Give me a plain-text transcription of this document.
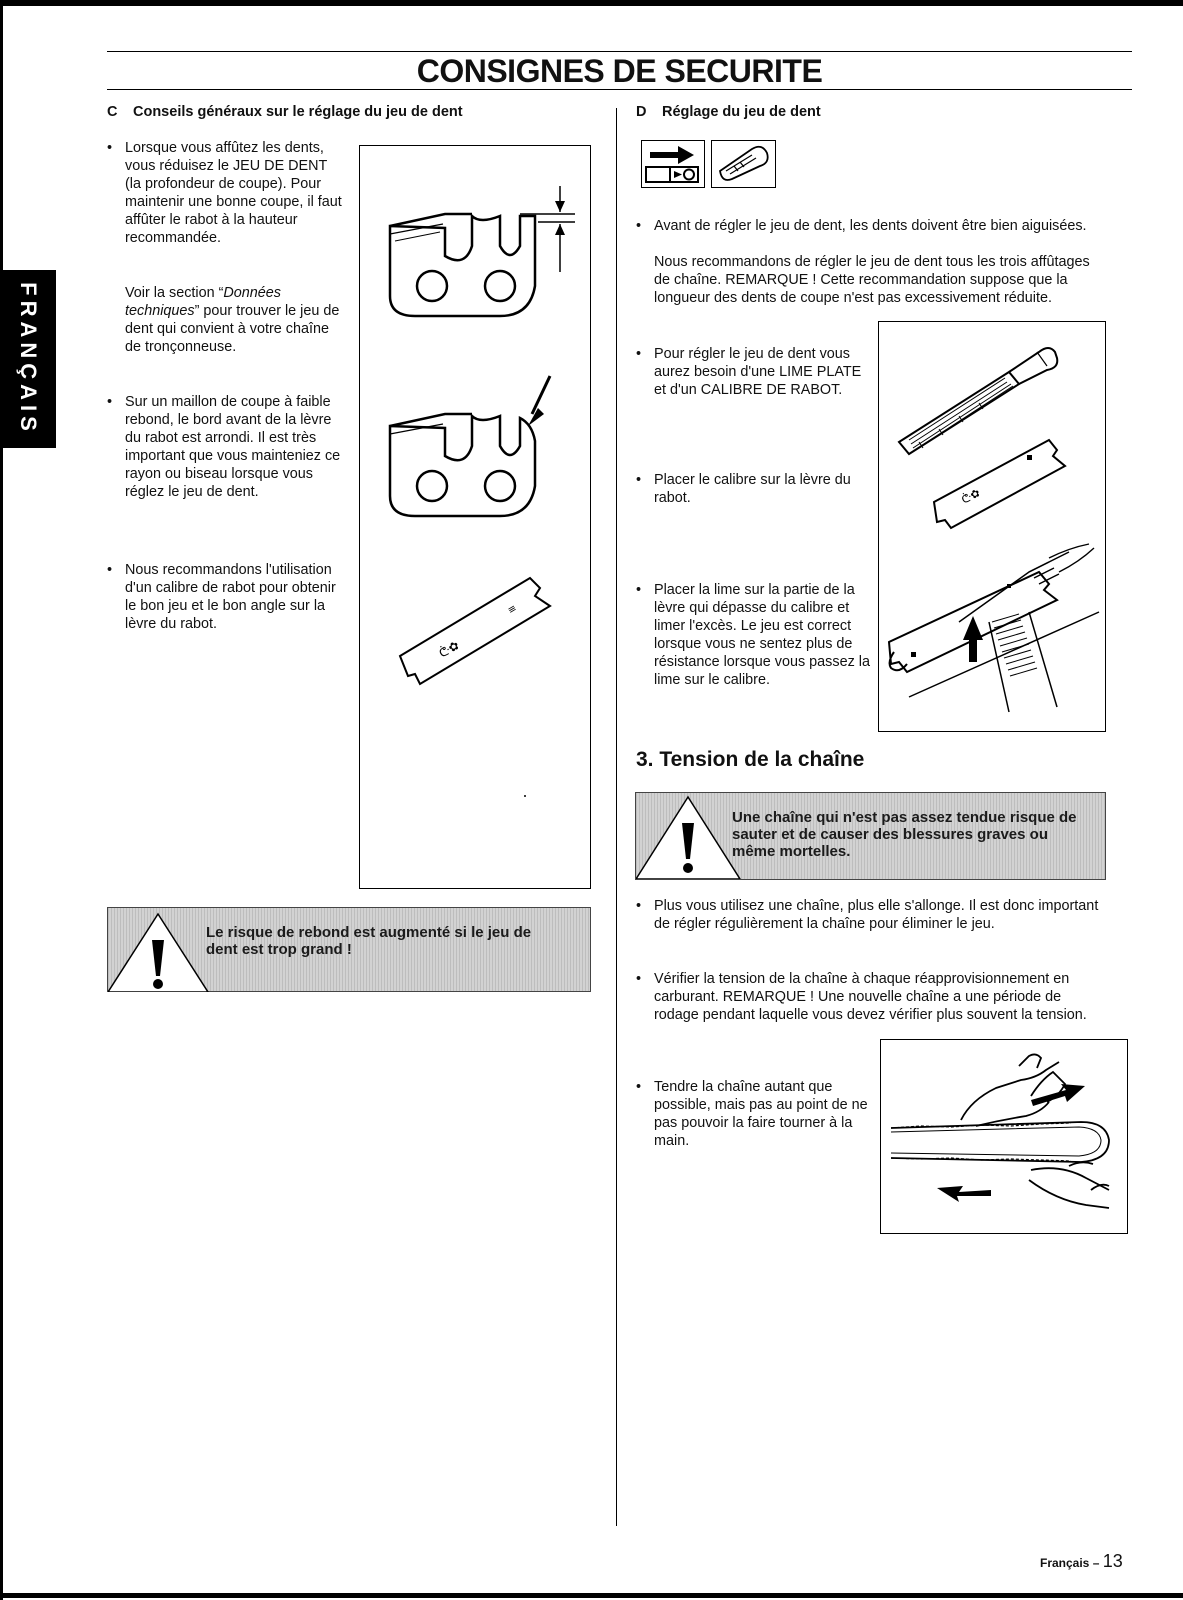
CONSIGNES DE SECURITE
FRANÇAIS
C Conseils généraux sur le réglage du jeu de dent
• Lorsque vous affûtez les dents, vous réduisez le JEU DE DENT (la profondeur de coupe). Pour maintenir une bonne coupe, il faut affûter le rabot à la hauteur recommandée.
Voir la section “Données techniques” pour trouver le jeu de dent qui convient à votre chaîne de tronçonneuse.
• Sur un maillon de coupe à faible rebond, le bord avant de la lèvre du rabot est arrondi. Il est très important que vous mainteniez ce rayon ou biseau lorsque vous réglez le jeu de dent.
• Nous recommandons l'utilisation d'un calibre de rabot pour obtenir le bon jeu et le bon angle sur la lèvre du rabot.
≡
ᕩ✿
Le risque de rebond est augmenté si le jeu de dent est trop grand !
D Réglage du jeu de dent
• Avant de régler le jeu de dent, les dents doivent être bien aiguisées.
Nous recommandons de régler le jeu de dent tous les trois affûtages de chaîne. REMARQUE ! Cette recommandation suppose que la longueur des dents de coupe n'est pas excessivement réduite.
• Pour régler le jeu de dent vous aurez besoin d'une LIME PLATE et d'un CALIBRE DE RABOT.
• Placer le calibre sur la lèvre du rabot.
• Placer la lime sur la partie de la lèvre qui dépasse du calibre et limer l'excès. Le jeu est correct lorsque vous ne sentez plus de résistance lorsque vous passez la lime sur le calibre.
ᕩ✿
3. Tension de la chaîne
Une chaîne qui n'est pas assez tendue risque de sauter et de causer des blessures graves ou même mortelles.
• Plus vous utilisez une chaîne, plus elle s'allonge. Il est donc important de régler régulièrement la chaîne pour éliminer le jeu.
• Vérifier la tension de la chaîne à chaque réapprovisionnement en carburant. REMARQUE ! Une nouvelle chaîne a une période de rodage pendant laquelle vous devez vérifier plus souvent la tension.
• Tendre la chaîne autant que possible, mais pas au point de ne pas pouvoir la faire tourner à la main.
Français – 13
